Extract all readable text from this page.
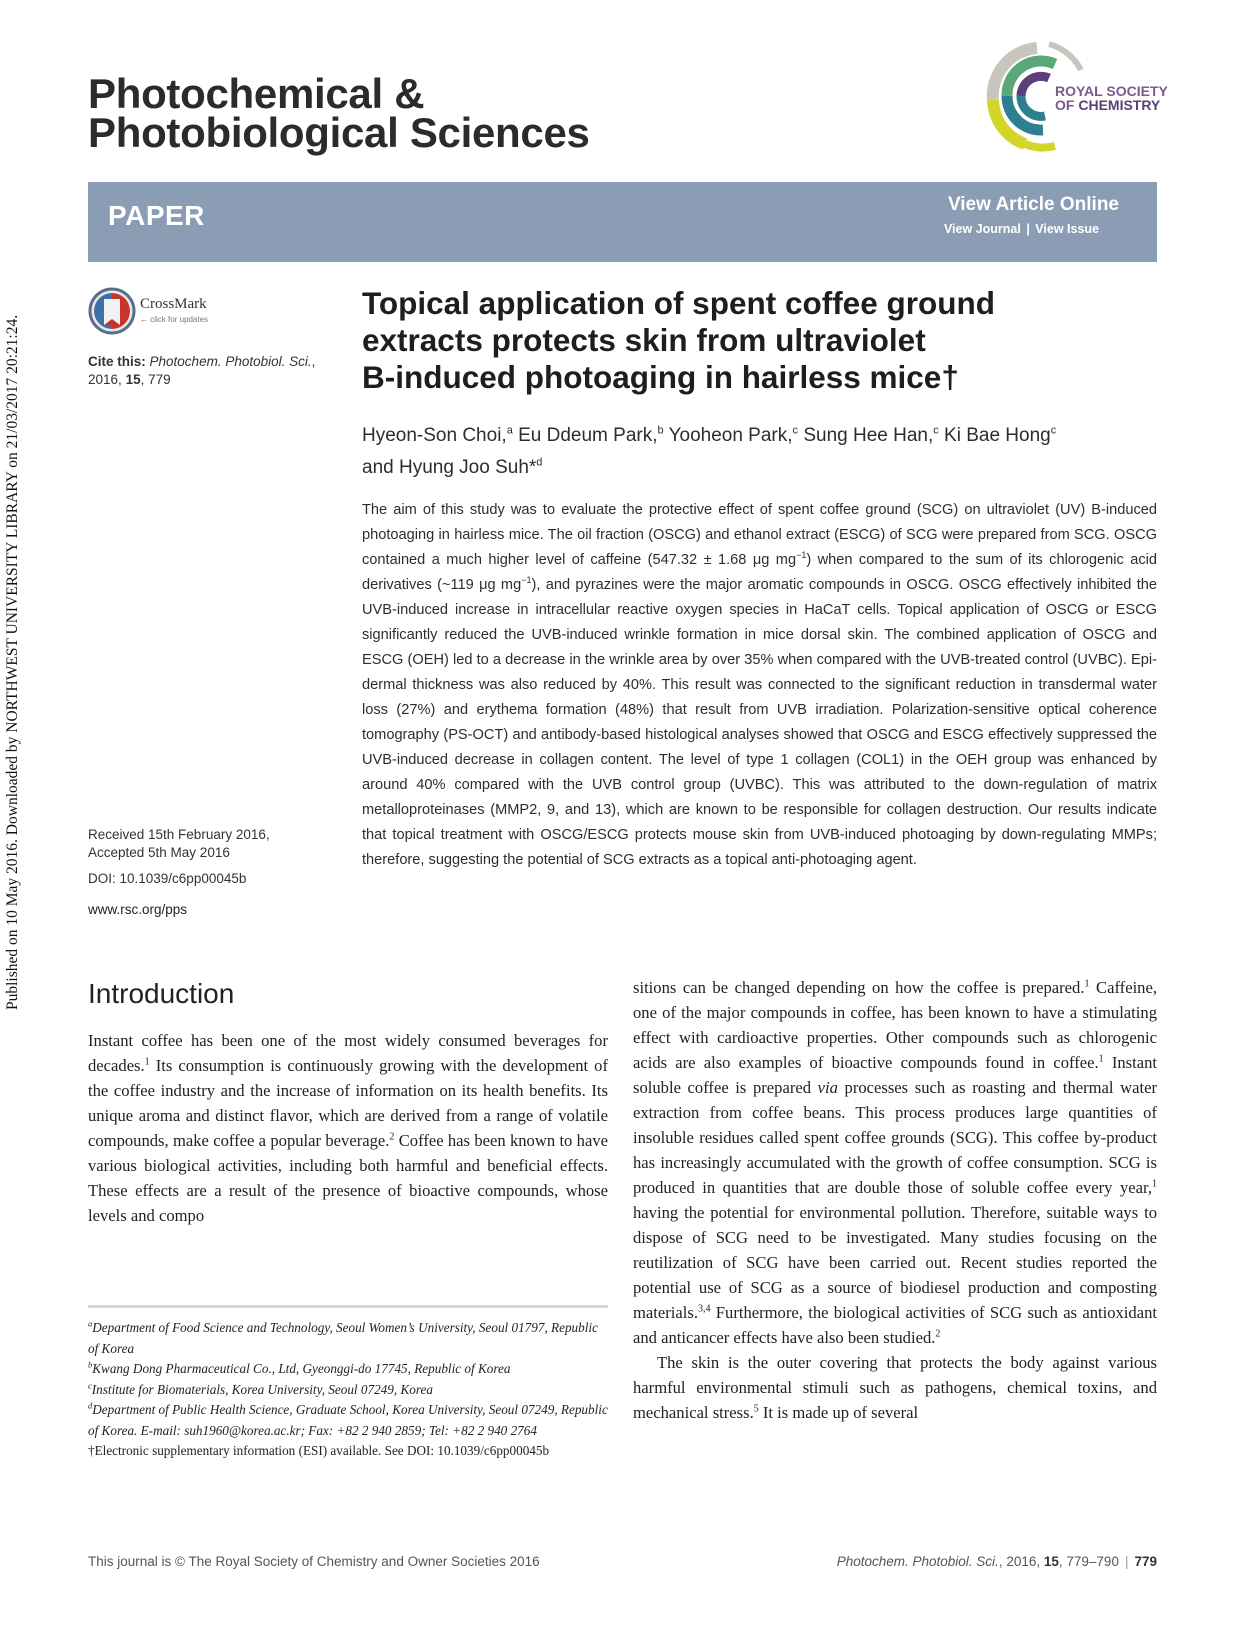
Published on 10 May 2016. Downloaded by NORTHWEST UNIVERSITY LIBRARY on 21/03/2017 20:21:24.
Photochemical &
Photobiological Sciences
ROYAL SOCIETY
OF CHEMISTRY
PAPER	View Article Online
View Journal | View Issue
CrossMark
← click for updates
Cite this: Photochem. Photobiol. Sci.,
2016, 15, 779
Topical application of spent coffee ground
extracts protects skin from ultraviolet
B-induced photoaging in hairless mice†
Hyeon-Son Choi,$^a$ Eu Ddeum Park,$^b$ Yooheon Park,$^c$ Sung Hee Han,$^c$ Ki Bae Hong$^c$
and Hyung Joo Suh*$^d$
The aim of this study was to evaluate the protective effect of spent coffee ground (SCG) on ultraviolet (UV) B-induced photoaging in hairless mice. The oil fraction (OSCG) and ethanol extract (ESCG) of SCG were prepared from SCG. OSCG contained a much higher level of caffeine (547.32 ± 1.68 μg $mg^{-1}$) when compared to the sum of its chlorogenic acid derivatives (~119 μg $mg^{-1}$), and pyrazines were the major aromatic compounds in OSCG. OSCG effectively inhibited the UVB-induced increase in intracellular reactive oxygen species in HaCaT cells. Topical application of OSCG or ESCG significantly reduced the UVB-induced wrinkle formation in mice dorsal skin. The combined application of OSCG and ESCG (OEH) led to a decrease in the wrinkle area by over 35% when compared with the UVB-treated control (UVBC). Epidermal thickness was also reduced by 40%. This result was connected to the significant reduction in transdermal water loss (27%) and erythema formation (48%) that result from UVB irradiation. Polarization-sensitive optical coherence tomography (PS-OCT) and antibody-based histological analyses showed that OSCG and ESCG effectively suppressed the UVB-induced decrease in collagen content. The level of type 1 collagen (COL1) in the OEH group was enhanced by around 40% compared with the UVB control group (UVBC). This was attributed to the down-regulation of matrix metalloproteinases (MMP2, 9, and 13), which are known to be responsible for collagen destruction. Our results indicate that topical treatment with OSCG/ESCG protects mouse skin from UVB-induced photoaging by down-regulating MMPs; therefore, suggesting the potential of SCG extracts as a topical anti-photoaging agent.
Received 15th February 2016,
Accepted 5th May 2016
DOI: 10.1039/c6pp00045b
www.rsc.org/pps
Introduction

Instant coffee has been one of the most widely consumed beverages for decades.$^1$ Its consumption is continuously growing with the development of the coffee industry and the increase of information on its health benefits. Its unique aroma and distinct flavor, which are derived from a range of volatile compounds, make coffee a popular beverage.$^2$ Coffee has been known to have various biological activities, including both harmful and beneficial effects. These effects are a result of the presence of bioactive compounds, whose levels and compo

$^a$Department of Food Science and Technology, Seoul Women’s University, Seoul 01797, Republic of Korea

$^b$Kwang Dong Pharmaceutical Co., Ltd, Gyeonggi-do 17745, Republic of Korea

$^c$Institute for Biomaterials, Korea University, Seoul 07249, Korea

$^d$Department of Public Health Science, Graduate School, Korea University, Seoul 07249, Republic of Korea. E-mail: suh1960@korea.ac.kr; Fax: +82 2 940 2859; Tel: +82 2 940 2764

†Electronic supplementary information (ESI) available. See DOI: 10.1039/c6pp00045b

sitions can be changed depending on how the coffee is prepared.$^1$ Caffeine, one of the major compounds in coffee, has been known to have a stimulating effect with cardioactive properties. Other compounds such as chlorogenic acids are also examples of bioactive compounds found in coffee.$^1$ Instant soluble coffee is prepared via processes such as roasting and thermal water extraction from coffee beans. This process produces large quantities of insoluble residues called spent coffee grounds (SCG). This coffee by-product has increasingly accumulated with the growth of coffee consumption. SCG is produced in quantities that are double those of soluble coffee every year,$^1$ having the potential for environmental pollution. Therefore, suitable ways to dispose of SCG need to be investigated. Many studies focusing on the reutilization of SCG have been carried out. Recent studies reported the potential use of SCG as a source of biodiesel production and composting materials.$^{3,4}$ Furthermore, the biological activities of SCG such as antioxidant and anticancer effects have also been studied.$^2$

The skin is the outer covering that protects the body against various harmful environmental stimuli such as pathogens, chemical toxins, and mechanical stress.$^5$ It is made up of several

This journal is © The Royal Society of Chemistry and Owner Societies 2016	Photochem. Photobiol. Sci., 2016, 15, 779–790 | 779
